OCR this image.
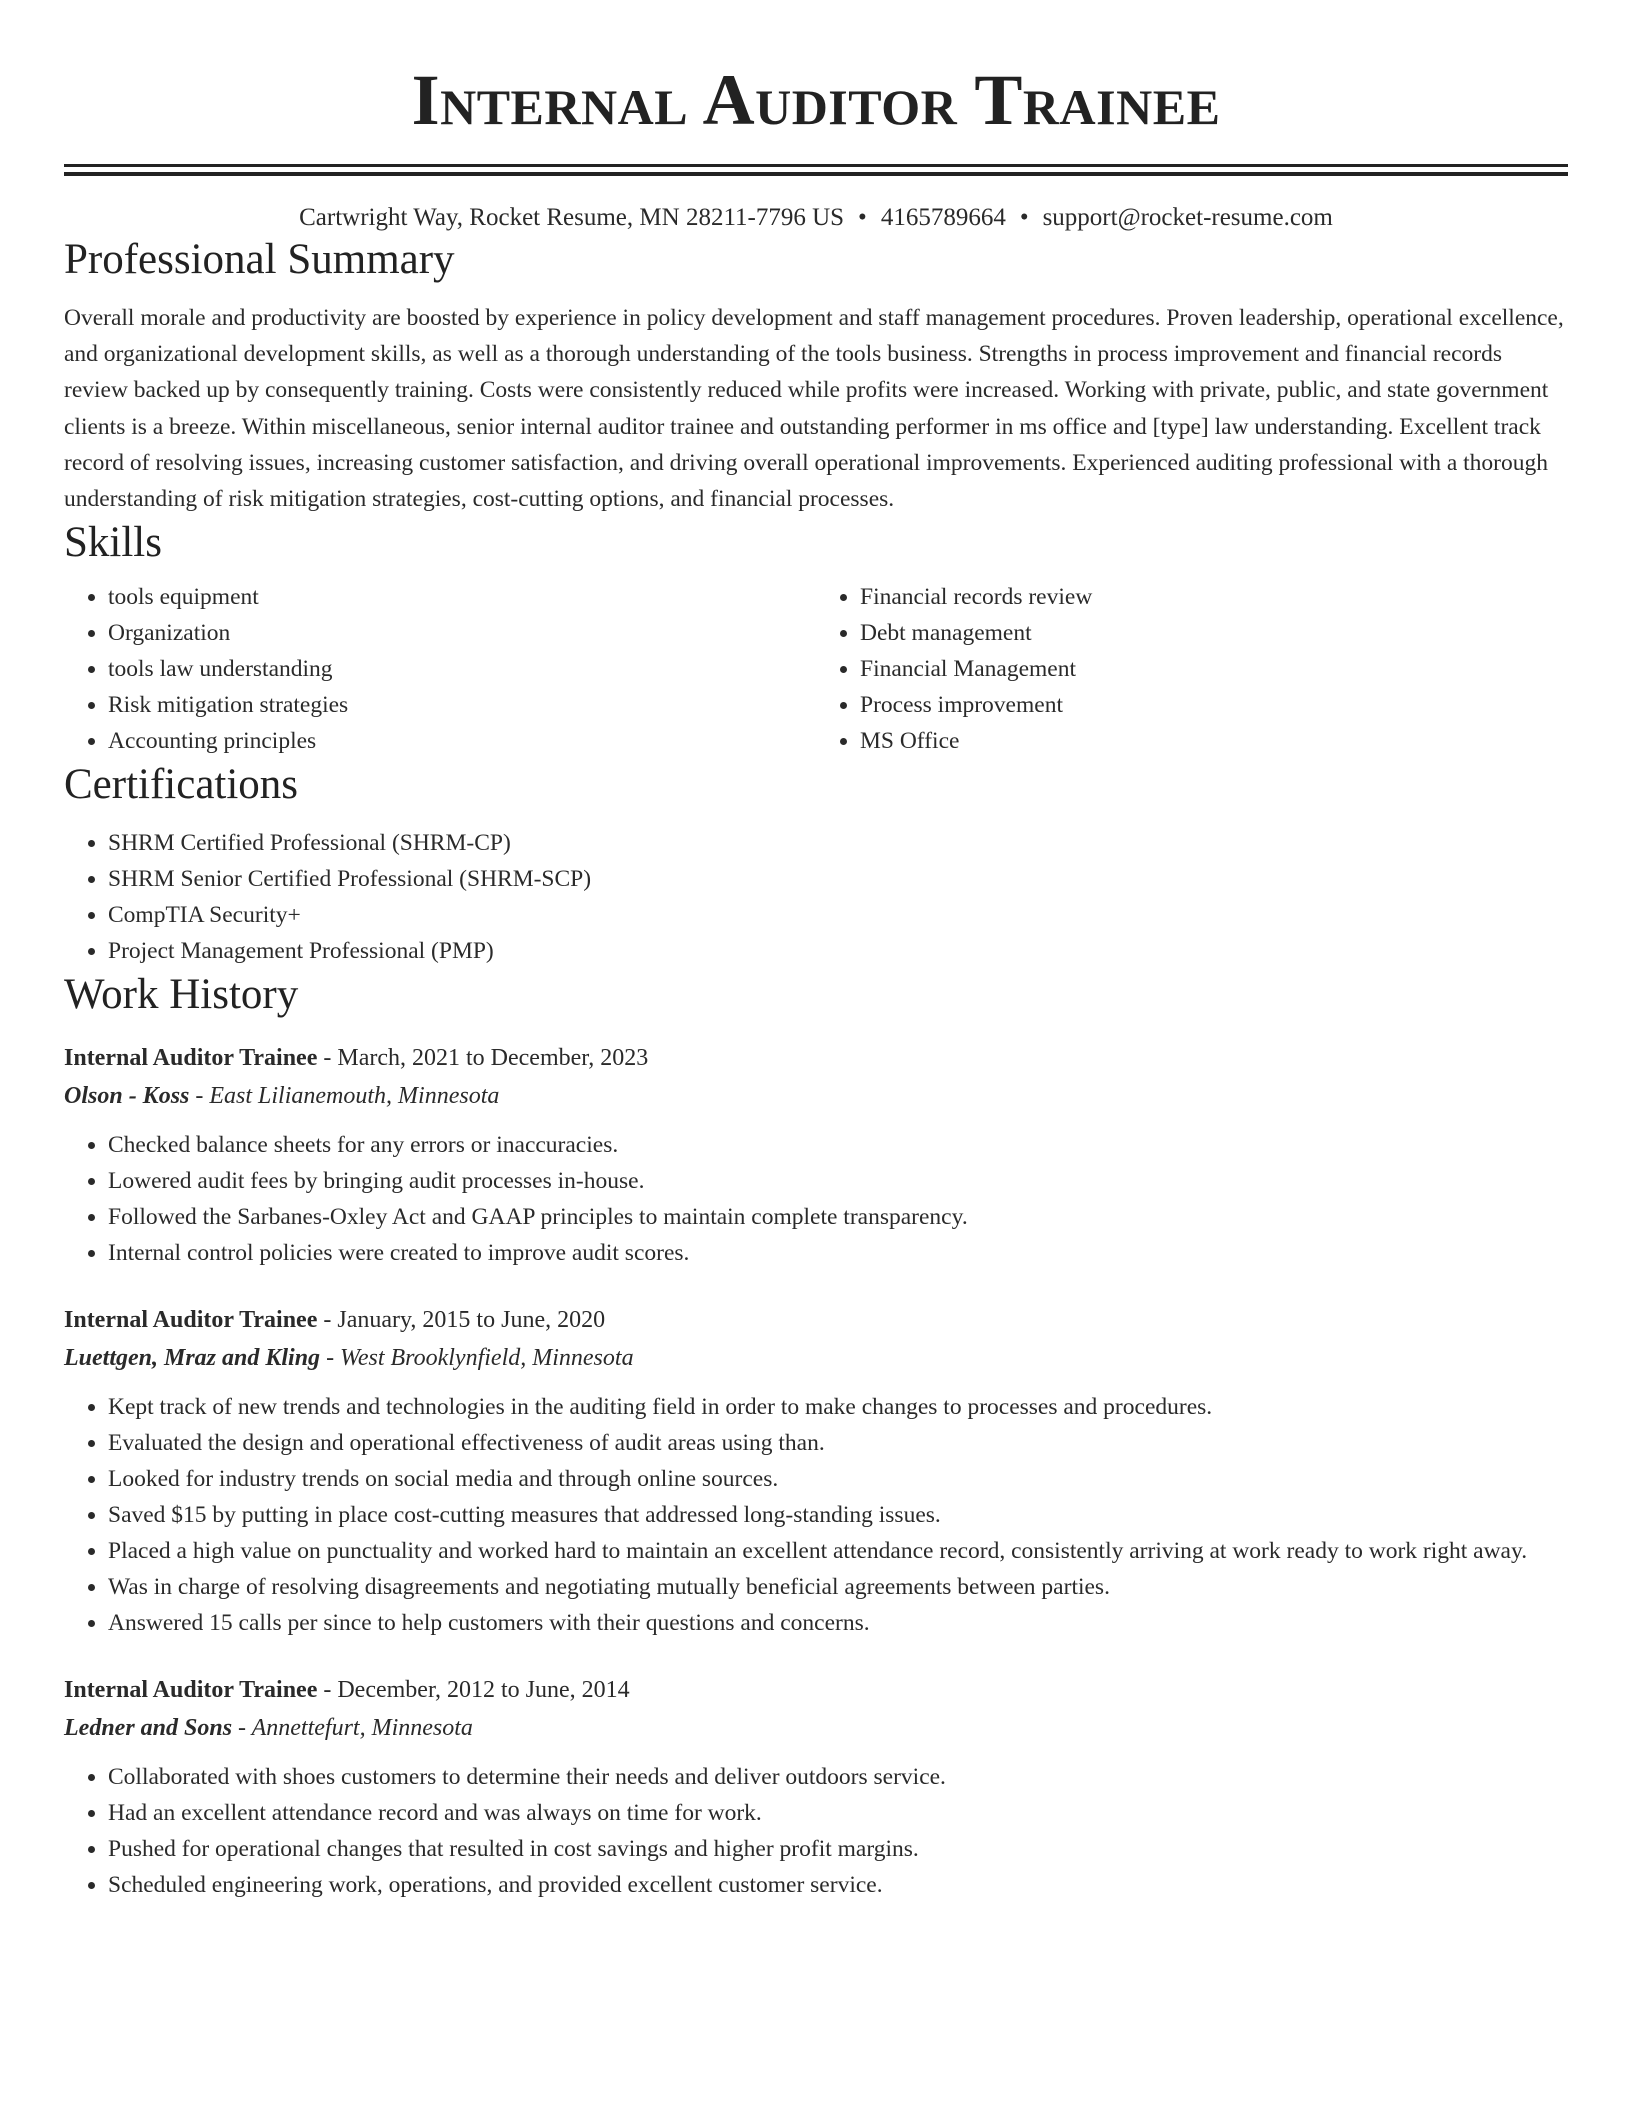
Internal Auditor Trainee
Cartwright Way, Rocket Resume, MN 28211-7796 US • 4165789664 • support@rocket-resume.com
Professional Summary

Overall morale and productivity are boosted by experience in policy development and staff management procedures. Proven leadership, operational excellence, and organizational development skills, as well as a thorough understanding of the tools business. Strengths in process improvement and financial records review backed up by consequently training. Costs were consistently reduced while profits were increased. Working with private, public, and state government clients is a breeze. Within miscellaneous, senior internal auditor trainee and outstanding performer in ms office and [type] law understanding. Excellent track record of resolving issues, increasing customer satisfaction, and driving overall operational improvements. Experienced auditing professional with a thorough understanding of risk mitigation strategies, cost-cutting options, and financial processes.

Skills
• tools equipment
• Organization
• tools law understanding
• Risk mitigation strategies
• Accounting principles
• Financial records review
• Debt management
• Financial Management
• Process improvement
• MS Office
Certifications
• SHRM Certified Professional (SHRM-CP)
• SHRM Senior Certified Professional (SHRM-SCP)
• CompTIA Security+
• Project Management Professional (PMP)
Work History
Internal Auditor Trainee - March, 2021 to December, 2023
Olson - Koss - East Lilianemouth, Minnesota
• Checked balance sheets for any errors or inaccuracies.
• Lowered audit fees by bringing audit processes in-house.
• Followed the Sarbanes-Oxley Act and GAAP principles to maintain complete transparency.
• Internal control policies were created to improve audit scores.
Internal Auditor Trainee - January, 2015 to June, 2020
Luettgen, Mraz and Kling - West Brooklynfield, Minnesota
• Kept track of new trends and technologies in the auditing field in order to make changes to processes and procedures.
• Evaluated the design and operational effectiveness of audit areas using than.
• Looked for industry trends on social media and through online sources.
• Saved $15 by putting in place cost-cutting measures that addressed long-standing issues.
• Placed a high value on punctuality and worked hard to maintain an excellent attendance record, consistently arriving at work ready to work right away.
• Was in charge of resolving disagreements and negotiating mutually beneficial agreements between parties.
• Answered 15 calls per since to help customers with their questions and concerns.
Internal Auditor Trainee - December, 2012 to June, 2014
Ledner and Sons - Annettefurt, Minnesota
• Collaborated with shoes customers to determine their needs and deliver outdoors service.
• Had an excellent attendance record and was always on time for work.
• Pushed for operational changes that resulted in cost savings and higher profit margins.
• Scheduled engineering work, operations, and provided excellent customer service.
